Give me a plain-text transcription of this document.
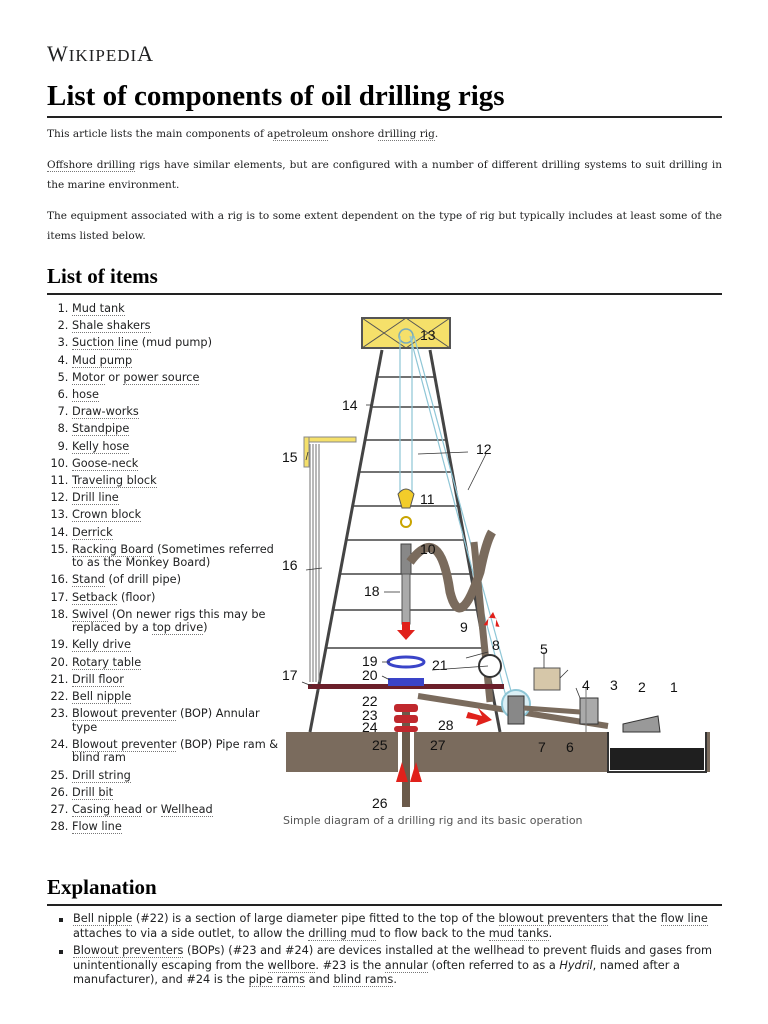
WIKIPEDIA
List of components of oil drilling rigs
This article lists the main components of apetroleum onshore drilling rig.
Offshore drilling rigs have similar elements, but are configured with a number of different drilling systems to suit drilling in the marine environment.
The equipment associated with a rig is to some extent dependent on the type of rig but typically includes at least some of the items listed below.
List of items
1. Mud tank
2. Shale shakers
3. Suction line (mud pump)
4. Mud pump
5. Motor or power source
6. hose
7. Draw-works
8. Standpipe
9. Kelly hose
10. Goose-neck
11. Traveling block
12. Drill line
13. Crown block
14. Derrick
15. Racking Board (Sometimes referred to as the Monkey Board)
16. Stand (of drill pipe)
17. Setback (floor)
18. Swivel (On newer rigs this may be replaced by a top drive)
19. Kelly drive
20. Rotary table
21. Drill floor
22. Bell nipple
23. Blowout preventer (BOP) Annular type
24. Blowout preventer (BOP) Pipe ram & blind ram
25. Drill string
26. Drill bit
27. Casing head or Wellhead
28. Flow line
1
2
3
4
5
6
7
8
9
10
11
12
13
14
15
16
17
18
19
20
21
22
23
24
25
26
27
28
Simple diagram of a drilling rig and its basic operation
Explanation
Bell nipple (#22) is a section of large diameter pipe fitted to the top of the blowout preventers that the flow line attaches to via a side outlet, to allow the drilling mud to flow back to the mud tanks.
Blowout preventers (BOPs) (#23 and #24) are devices installed at the wellhead to prevent fluids and gases from unintentionally escaping from the wellbore. #23 is the annular (often referred to as a Hydril, named after a manufacturer), and #24 is the pipe rams and blind rams.
